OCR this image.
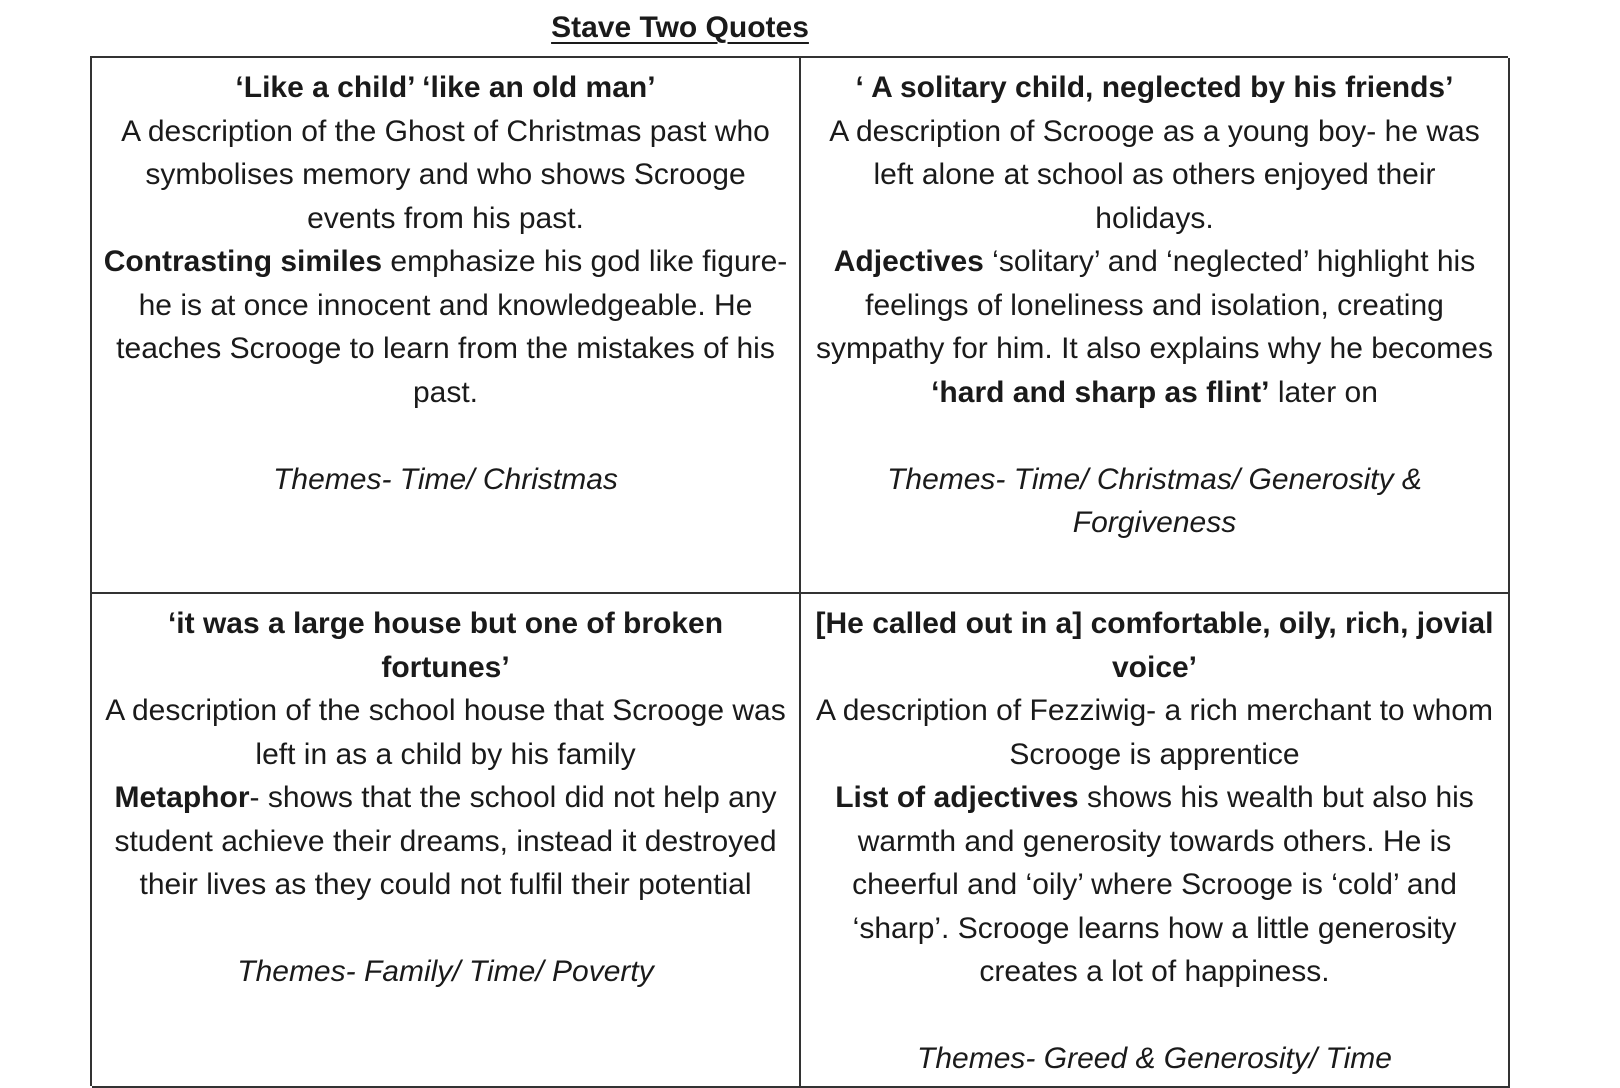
Stave Two Quotes

‘Like a child’ ‘like an old man’

A description of the Ghost of Christmas past who symbolises memory and who shows Scrooge events from his past.

Contrasting similes emphasize his god like figure- he is at once innocent and knowledgeable. He teaches Scrooge to learn from the mistakes of his past.

Themes- Time/ Christmas

‘ A solitary child, neglected by his friends’

A description of Scrooge as a young boy- he was left alone at school as others enjoyed their holidays.

Adjectives ‘solitary’ and ‘neglected’ highlight his feelings of loneliness and isolation, creating sympathy for him. It also explains why he becomes ‘hard and sharp as flint’ later on

Themes- Time/ Christmas/ Generosity & Forgiveness

‘it was a large house but one of broken fortunes’

A description of the school house that Scrooge was left in as a child by his family

Metaphor- shows that the school did not help any student achieve their dreams, instead it destroyed their lives as they could not fulfil their potential

Themes- Family/ Time/ Poverty

[He called out in a] comfortable, oily, rich, jovial voice’

A description of Fezziwig- a rich merchant to whom Scrooge is apprentice

List of adjectives shows his wealth but also his warmth and generosity towards others. He is cheerful and ‘oily’ where Scrooge is ‘cold’ and ‘sharp’. Scrooge learns how a little generosity creates a lot of happiness.

Themes- Greed & Generosity/ Time
